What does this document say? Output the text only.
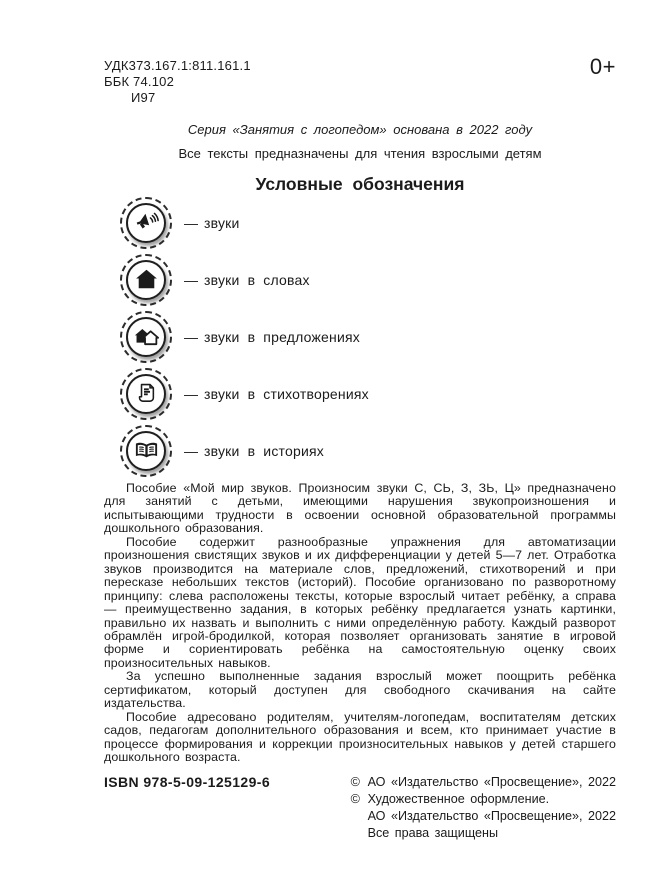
УДК373.167.1:811.161.1
ББК 74.102
И97
0+
Серия «Занятия с логопедом» основана в 2022 году
Все тексты предназначены для чтения взрослыми детям
Условные обозначения
— звуки
— звуки в словах
— звуки в предложениях
— звуки в стихотворениях
— звуки в историях

Пособие «Мой мир звуков. Произносим звуки С, СЬ, З, ЗЬ, Ц» предназначено для занятий с детьми, имеющими нарушения звукопроизношения и испытывающими трудности в освоении основной образовательной программы дошкольного образования.

Пособие содержит разнообразные упражнения для автоматизации произношения свистящих звуков и их дифференциации у детей 5—7 лет. Отработка звуков производится на материале слов, предложений, стихотворений и при пересказе небольших текстов (историй). Пособие организовано по разворотному принципу: слева расположены тексты, которые взрослый читает ребёнку, а справа — преимущественно задания, в которых ребёнку предлагается узнать картинки, правильно их назвать и выполнить с ними определённую работу. Каждый разворот обрамлён игрой-бродилкой, которая позволяет организовать занятие в игровой форме и сориентировать ребёнка на самостоятельную оценку своих произносительных навыков.

За успешно выполненные задания взрослый может поощрить ребёнка сертификатом, который доступен для свободного скачивания на сайте издательства.

Пособие адресовано родителям, учителям-логопедам, воспитателям детских садов, педагогам дополнительного образования и всем, кто принимает участие в процессе формирования и коррекции произносительных навыков у детей старшего дошкольного возраста.

ISBN 978-5-09-125129-6	© АО «Издательство «Просвещение», 2022
© Художественное оформление.
АО «Издательство «Просвещение», 2022
Все права защищены
